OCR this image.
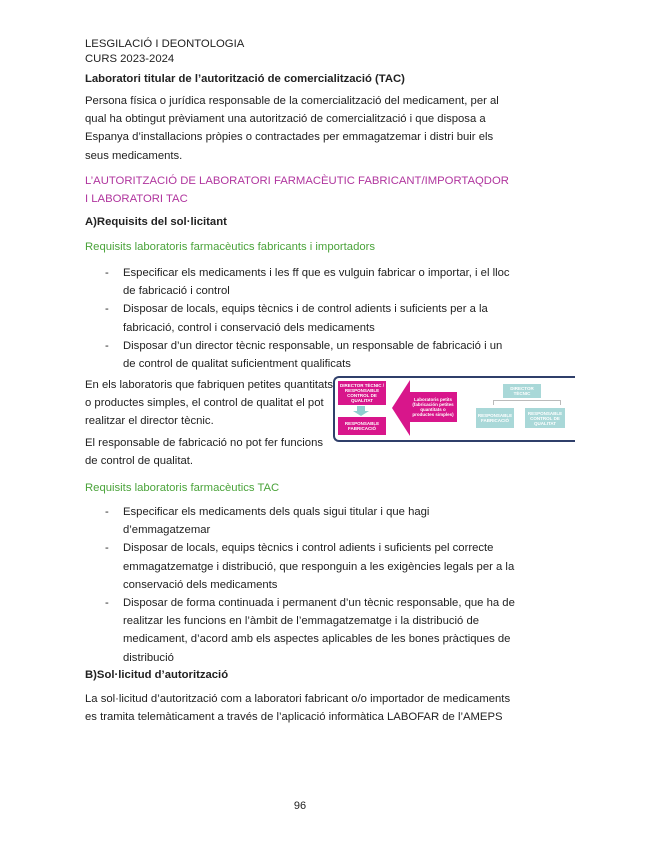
LESGILACIÓ I DEONTOLOGIA
CURS 2023-2024
Laboratori titular de l’autorització de comercialització (TAC)
Persona física o jurídica responsable de la comercialització del medicament, per al qual ha obtingut prèviament una autorització de comercialització i que disposa a Espanya d’installacions pròpies o contractades per emmagatzemar i distri buir els seus medicaments.
L’AUTORITZACIÓ DE LABORATORI FARMACÈUTIC FABRICANT/IMPORTAQDOR I LABORATORI TAC
A)Requisits del sol·licitant
Requisits laboratoris farmacèutics fabricants i importadors
- Especificar els medicaments i les ff que es vulguin fabricar o importar, i el lloc de fabricació i control
- Disposar de locals, equips tècnics i de control adients i suficients per a la fabricació, control i conservació dels medicaments
- Disposar d’un director tècnic responsable, un responsable de fabricació i un de control de qualitat suficientment qualificats
En els laboratoris que fabriquen petites quantitats o productes simples, el control de qualitat el pot realitzar el director tècnic.
El responsable de fabricació no pot fer funcions de control de qualitat.
DIRECTOR TÈCNIC / RESPONSABLE CONTROL DE QUALITAT
RESPONSABLE FABRICACIÓ
Laboratoris petits (fabricación petites quantitats o productes simples)
DIRECTOR TÈCNIC
RESPONSABLE FABRICACIÓ
RESPONSABLE CONTROL DE QUALITAT
Requisits laboratoris farmacèutics TAC
- Especificar els medicaments dels quals sigui titular i que hagi d’emmagatzemar
- Disposar de locals, equips tècnics i control adients i suficients pel correcte emmagatzematge i distribució, que responguin a les exigències legals per a la conservació dels medicaments
- Disposar de forma continuada i permanent d’un tècnic responsable, que ha de realitzar les funcions en l’àmbit de l’emmagatzematge i la distribució de medicament, d’acord amb els aspectes aplicables de les bones pràctiques de distribució
B)Sol·licitud d’autorització
La sol·licitud d’autorització com a laboratori fabricant o/o importador de medicaments es tramita telemàticament a través de l’aplicació informàtica LABOFAR de l’AMEPS
96
